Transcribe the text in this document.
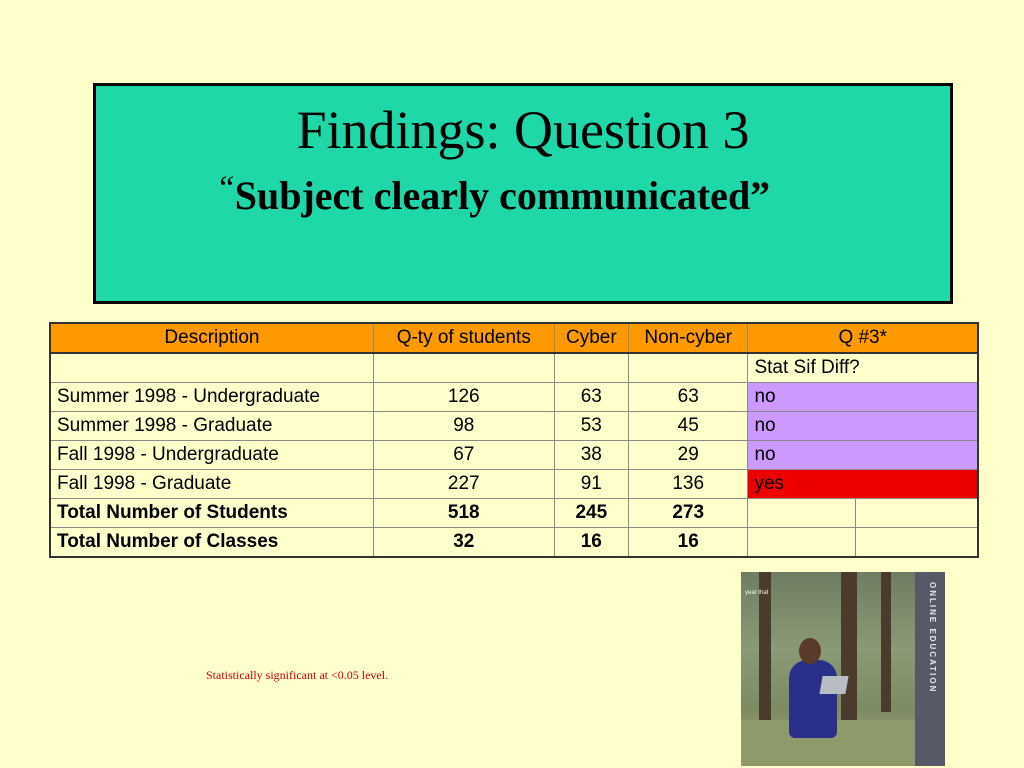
Findings: Question 3
“Subject clearly communicated”
Description	Q-ty of students	Cyber	Non-cyber	Q #3*	
				Stat Sif Diff?	
Summer 1998 - Undergraduate	126	63	63	no	
Summer 1998 - Graduate	98	53	45	no	
Fall 1998 - Undergraduate	67	38	29	no	
Fall 1998 - Graduate	227	91	136	yes	
Total Number of Students	518	245	273		
Total Number of Classes	32	16	16		
Statistically significant at <0.05 level.
year that	ONLINE EDUCATION
